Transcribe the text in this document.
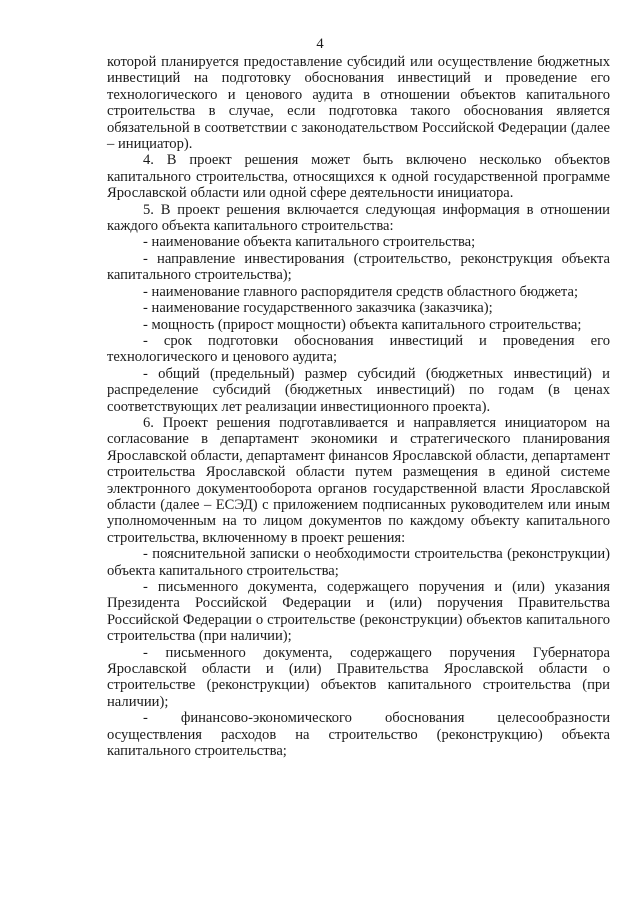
4

которой планируется предоставление субсидий или осуществление бюджетных инвестиций на подготовку обоснования инвестиций и проведение его технологического и ценового аудита в отношении объектов капитального строительства в случае, если подготовка такого обоснования является обязательной в соответствии с законодательством Российской Федерации (далее – инициатор).

4. В проект решения может быть включено несколько объектов капитального строительства, относящихся к одной государственной программе Ярославской области или одной сфере деятельности инициатора.

5. В проект решения включается следующая информация в отношении каждого объекта капитального строительства:

- наименование объекта капитального строительства;

- направление инвестирования (строительство, реконструкция объекта капитального строительства);

- наименование главного распорядителя средств областного бюджета;

- наименование государственного заказчика (заказчика);

- мощность (прирост мощности) объекта капитального строительства;

- срок подготовки обоснования инвестиций и проведения его технологического и ценового аудита;

- общий (предельный) размер субсидий (бюджетных инвестиций) и распределение субсидий (бюджетных инвестиций) по годам (в ценах соответствующих лет реализации инвестиционного проекта).

6. Проект решения подготавливается и направляется инициатором на согласование в департамент экономики и стратегического планирования Ярославской области, департамент финансов Ярославской области, департамент строительства Ярославской области путем размещения в единой системе электронного документооборота органов государственной власти Ярославской области (далее – ЕСЭД) с приложением подписанных руководителем или иным уполномоченным на то лицом документов по каждому объекту капитального строительства, включенному в проект решения:

- пояснительной записки о необходимости строительства (реконструкции) объекта капитального строительства;

- письменного документа, содержащего поручения и (или) указания Президента Российской Федерации и (или) поручения Правительства Российской Федерации о строительстве (реконструкции) объектов капитального строительства (при наличии);

- письменного документа, содержащего поручения Губернатора Ярославской области и (или) Правительства Ярославской области о строительстве (реконструкции) объектов капитального строительства (при наличии);

- финансово-экономического обоснования целесообразности осуществления расходов на строительство (реконструкцию) объекта капитального строительства;
